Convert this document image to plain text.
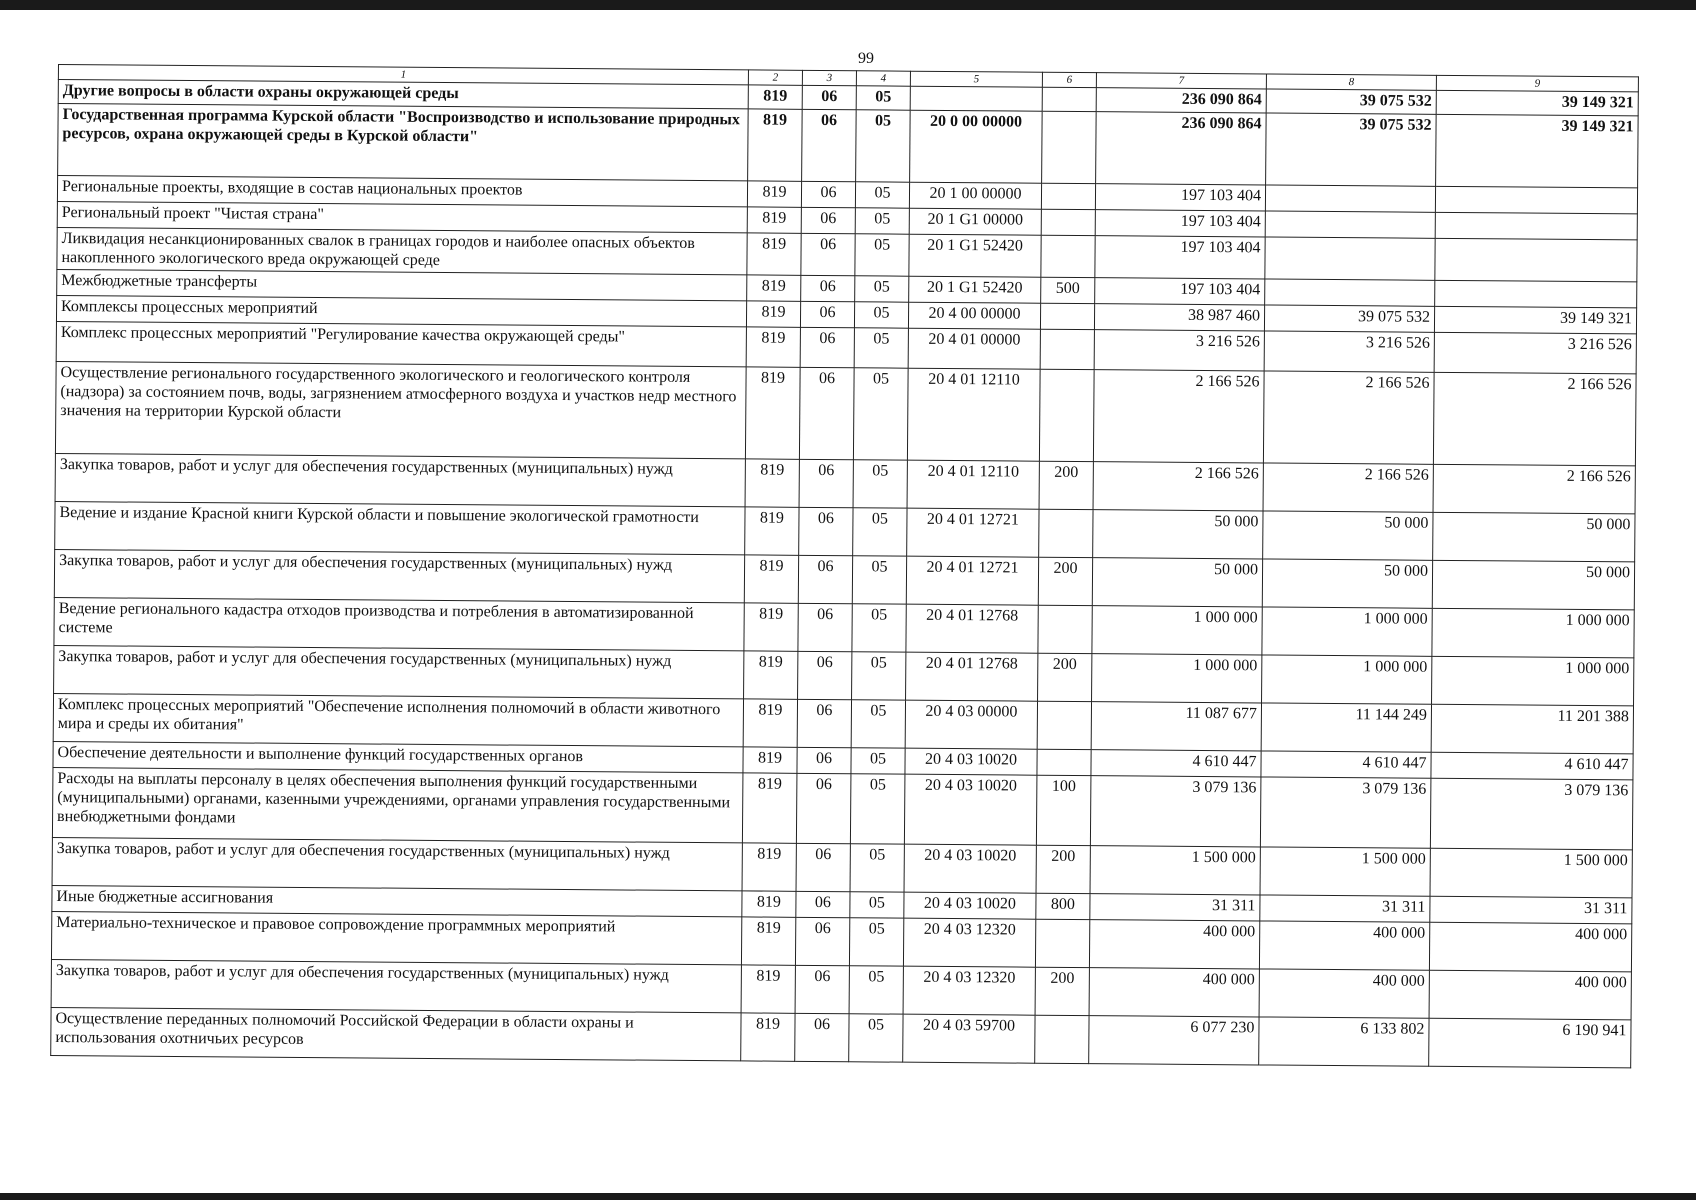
99
1	2	3	4	5	6	7	8	9
Другие вопросы в области охраны окружающей среды	819	06	05			236 090 864	39 075 532	39 149 321
Государственная программа Курской области "Воспроизводство и использование природных ресурсов, охрана окружающей среды в Курской области"	819	06	05	20 0 00 00000		236 090 864	39 075 532	39 149 321
Региональные проекты, входящие в состав национальных проектов	819	06	05	20 1 00 00000		197 103 404		
Региональный проект "Чистая страна"	819	06	05	20 1 G1 00000		197 103 404		
Ликвидация несанкционированных свалок в границах городов и наиболее опасных объектов накопленного экологического вреда окружающей среде	819	06	05	20 1 G1 52420		197 103 404		
Межбюджетные трансферты	819	06	05	20 1 G1 52420	500	197 103 404		
Комплексы процессных мероприятий	819	06	05	20 4 00 00000		38 987 460	39 075 532	39 149 321
Комплекс процессных мероприятий "Регулирование качества окружающей среды"	819	06	05	20 4 01 00000		3 216 526	3 216 526	3 216 526
Осуществление регионального государственного экологического и геологического контроля (надзора) за состоянием почв, воды, загрязнением атмосферного воздуха и участков недр местного значения на территории Курской области	819	06	05	20 4 01 12110		2 166 526	2 166 526	2 166 526
Закупка товаров, работ и услуг для обеспечения государственных (муниципальных) нужд	819	06	05	20 4 01 12110	200	2 166 526	2 166 526	2 166 526
Ведение и издание Красной книги Курской области и повышение экологической грамотности	819	06	05	20 4 01 12721		50 000	50 000	50 000
Закупка товаров, работ и услуг для обеспечения государственных (муниципальных) нужд	819	06	05	20 4 01 12721	200	50 000	50 000	50 000
Ведение регионального кадастра отходов производства и потребления в автоматизированной системе	819	06	05	20 4 01 12768		1 000 000	1 000 000	1 000 000
Закупка товаров, работ и услуг для обеспечения государственных (муниципальных) нужд	819	06	05	20 4 01 12768	200	1 000 000	1 000 000	1 000 000
Комплекс процессных мероприятий "Обеспечение исполнения полномочий в области животного мира и среды их обитания"	819	06	05	20 4 03 00000		11 087 677	11 144 249	11 201 388
Обеспечение деятельности и выполнение функций государственных органов	819	06	05	20 4 03 10020		4 610 447	4 610 447	4 610 447
Расходы на выплаты персоналу в целях обеспечения выполнения функций государственными (муниципальными) органами, казенными учреждениями, органами управления государственными внебюджетными фондами	819	06	05	20 4 03 10020	100	3 079 136	3 079 136	3 079 136
Закупка товаров, работ и услуг для обеспечения государственных (муниципальных) нужд	819	06	05	20 4 03 10020	200	1 500 000	1 500 000	1 500 000
Иные бюджетные ассигнования	819	06	05	20 4 03 10020	800	31 311	31 311	31 311
Материально-техническое и правовое сопровождение программных мероприятий	819	06	05	20 4 03 12320		400 000	400 000	400 000
Закупка товаров, работ и услуг для обеспечения государственных (муниципальных) нужд	819	06	05	20 4 03 12320	200	400 000	400 000	400 000
Осуществление переданных полномочий Российской Федерации в области охраны и использования охотничьих ресурсов	819	06	05	20 4 03 59700		6 077 230	6 133 802	6 190 941
